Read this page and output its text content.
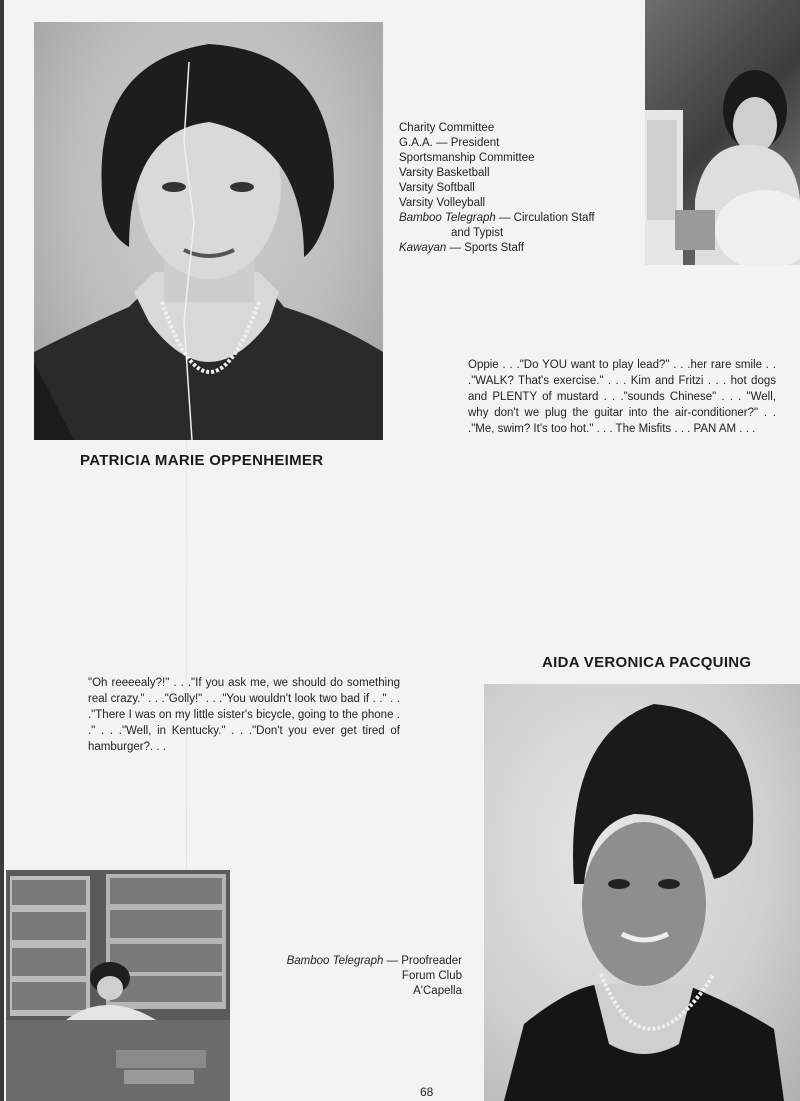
PATRICIA MARIE OPPENHEIMER
Charity Committee
G.A.A. — President
Sportsmanship Committee
Varsity Basketball
Varsity Softball
Varsity Volleyball
Bamboo Telegraph — Circulation Staff
and Typist
Kawayan — Sports Staff
Oppie . . ."Do YOU want to play lead?" . . .her rare smile . . ."WALK? That's exercise." . . . Kim and Fritzi . . . hot dogs and PLENTY of mustard . . ."sounds Chinese" . . . "Well, why don't we plug the guitar into the air-conditioner?" . . ."Me, swim? It's too hot." . . . The Misfits . . . PAN AM . . .
AIDA VERONICA PACQUING
"Oh reeeealy?!" . . ."If you ask me, we should do something real crazy." . . ."Golly!" . . ."You wouldn't look two bad if . ." . . ."There I was on my little sister's bicycle, going to the phone . ." . . ."Well, in Kentucky." . . ."Don't you ever get tired of hamburger?. . .
Bamboo Telegraph — Proofreader
Forum Club
A'Capella
68
